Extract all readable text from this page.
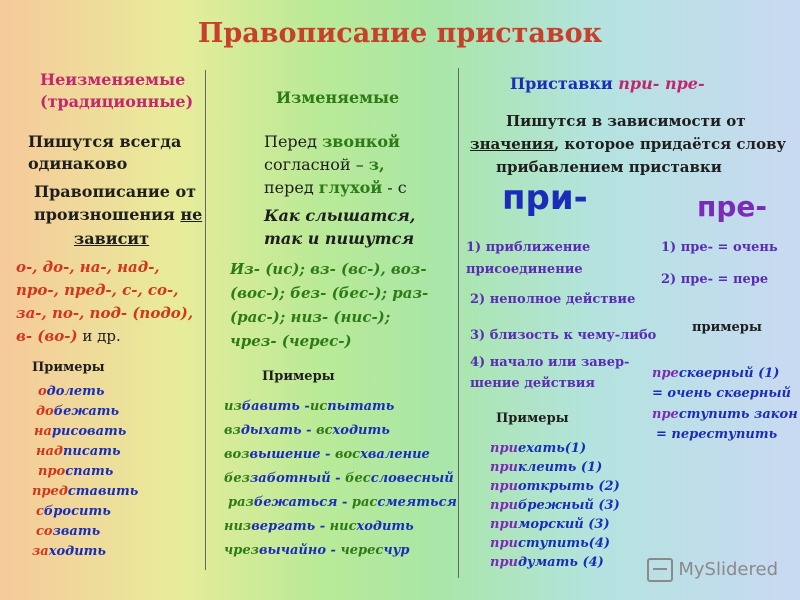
Правописание приставок
Неизменяемые
(традиционные)
Пишутся всегда
одинаково
Правописание от
произношения не
зависит
о-, до-, на-, над-,
про-, пред-, с-, со-,
за-, по-, под- (подо),
в- (во-) и др.
Примеры
одолеть
добежать
нарисовать
надписать
проспать
представить
сбросить
созвать
заходить
Изменяемые
Перед звонкой
согласной – з,
перед глухой - с
Как слышатся,
так и пишутся
Из- (ис); вз- (вс-), воз-
(вос-); без- (бес-); раз-
(рас-); низ- (нис-);
чрез- (черес-)
Примеры
избавить -испытать
вздыхать - всходить
возвышение - восхваление
беззаботный - бессловесный
разбежаться - рассмеяться
низвергать - нисходить
чрезвычайно - чересчур
Приставки при- пре-
Пишутся в зависимости от
значения, которое придаётся слову
прибавлением приставки
при-	пре-
1) приближение
присоединение
2) неполное действие
3) близость к чему-либо
4) начало или завер-
шение действия
1) пре- = очень
2) пре- = пере
примеры
прескверный (1)
= очень скверный
преступить закон
= переступить
Примеры
приехать(1)
приклеить (1)
приоткрыть (2)
прибрежный (3)
приморский (3)
приступить(4)
придумать (4)	MySlidered
